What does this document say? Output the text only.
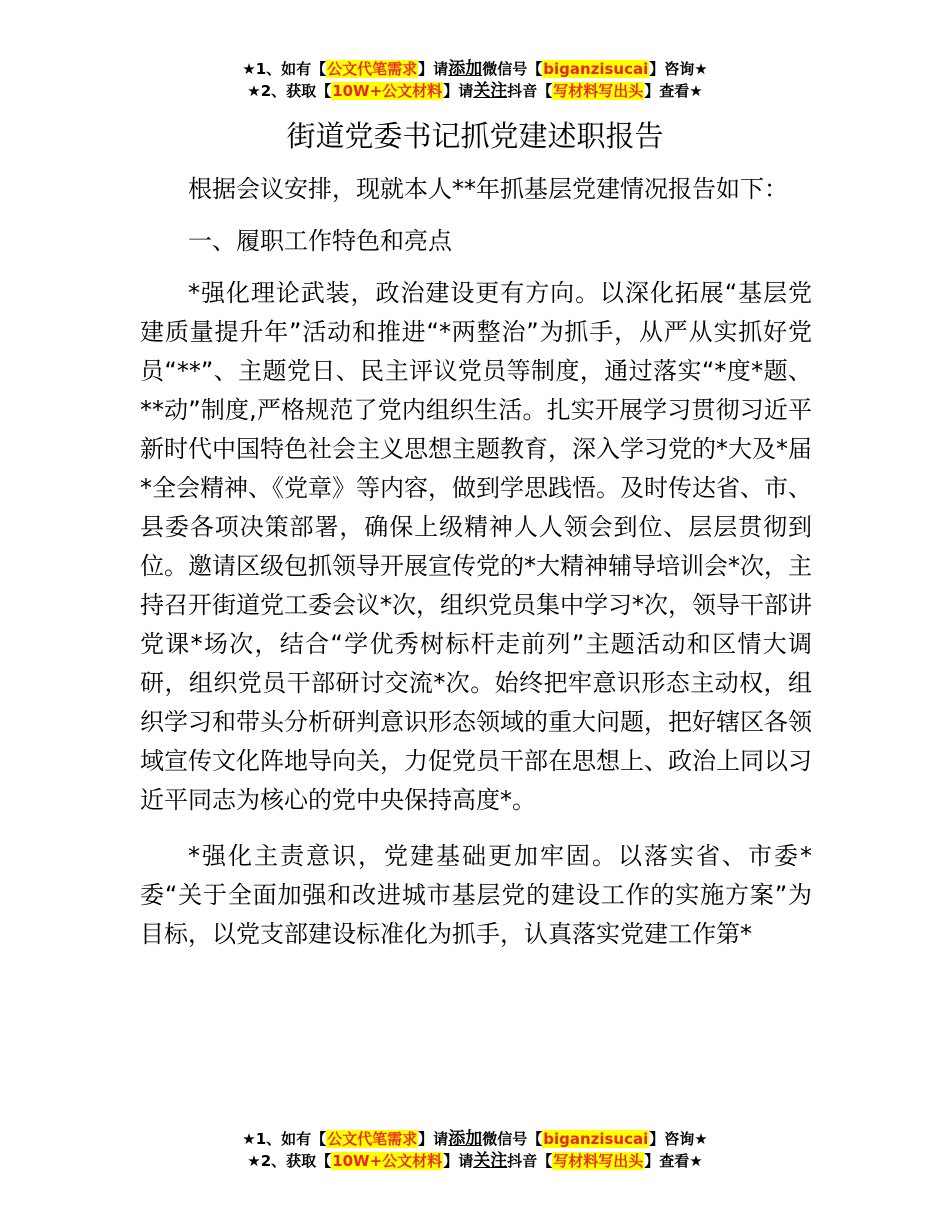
★1、如有【公文代笔需求】请添加微信号【biganzisucai】咨询★
★2、获取【10W+公文材料】请关注抖音【写材料写出头】查看★
街道党委书记抓党建述职报告

根据会议安排，现就本人**年抓基层党建情况报告如下：

一、履职工作特色和亮点

*强化理论武装，政治建设更有方向。以深化拓展“基层党建质量提升年”活动和推进“*两整治”为抓手，从严从实抓好党员“**”、主题党日、民主评议党员等制度，通过落实“*度*题、**动”制度,严格规范了党内组织生活。扎实开展学习贯彻习近平新时代中国特色社会主义思想主题教育，深入学习党的*大及*届*全会精神、《党章》等内容，做到学思践悟。及时传达省、市、县委各项决策部署，确保上级精神人人领会到位、层层贯彻到位。邀请区级包抓领导开展宣传党的*大精神辅导培训会*次，主持召开街道党工委会议*次，组织党员集中学习*次，领导干部讲党课*场次，结合“学优秀树标杆走前列”主题活动和区情大调研，组织党员干部研讨交流*次。始终把牢意识形态主动权，组织学习和带头分析研判意识形态领域的重大问题，把好辖区各领域宣传文化阵地导向关，力促党员干部在思想上、政治上同以习近平同志为核心的党中央保持高度*。

*强化主责意识，党建基础更加牢固。以落实省、市委*委“关于全面加强和改进城市基层党的建设工作的实施方案”为目标，以党支部建设标准化为抓手，认真落实党建工作第*

★1、如有【公文代笔需求】请添加微信号【biganzisucai】咨询★
★2、获取【10W+公文材料】请关注抖音【写材料写出头】查看★
